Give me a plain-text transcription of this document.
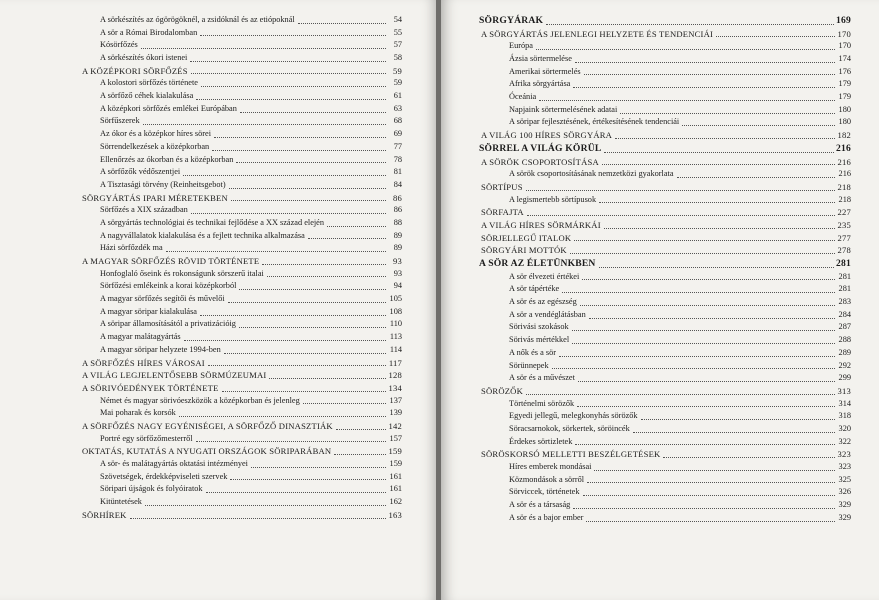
A sörkészítés az ógörögöknél, a zsidóknál és az etiópoknál	54
A sör a Római Birodalomban	55
Kósörfőzés	57
A sörkészítés ókori istenei	58
A KÖZÉPKORI SÖRFŐZÉS	59
A kolostori sörfőzés története	59
A sörfőző céhek kialakulása	61
A középkori sörfőzés emlékei Európában	63
Sörfűszerek	68
Az ókor és a középkor híres sörei	69
Sörrendelkezések a középkorban	77
Ellenőrzés az ókorban és a középkorban	78
A sörfőzők védőszentjei	81
A Tisztasági törvény (Reinheitsgebot)	84
SÖRGYÁRTÁS IPARI MÉRETEKBEN	86
Sörfőzés a XIX században	86
A sörgyártás technológiai és technikai fejlődése a XX század elején	88
A nagyvállalatok kialakulása és a fejlett technika alkalmazása	89
Házi sörfőzdék ma	89
A MAGYAR SÖRFŐZÉS RÖVID TÖRTÉNETE	93
Honfoglaló őseink és rokonságunk sörszerű italai	93
Sörfőzési emlékeink a korai középkorból	94
A magyar sörfőzés segítői és művelői	105
A magyar söripar kialakulása	108
A söripar államosításától a privatizációig	110
A magyar malátagyártás	113
A magyar söripar helyzete 1994-ben	114
A SÖRFŐZÉS HÍRES VÁROSAI	117
A VILÁG LEGJELENTŐSEBB SÖRMÚZEUMAI	128
A SÖRIVÓEDÉNYEK TÖRTÉNETE	134
Német és magyar sörivóeszközök a középkorban és jelenleg	137
Mai poharak és korsók	139
A SÖRFŐZÉS NAGY EGYÉNISÉGEI, A SÖRFŐZŐ DINASZTIÁK	142
Portré egy sörfőzőmesterről	157
OKTATÁS, KUTATÁS A NYUGATI ORSZÁGOK SÖRIPARÁBAN	159
A sör- és malátagyártás oktatási intézményei	159
Szövetségek, érdekképviseleti szervek	161
Söripari újságok és folyóiratok	161
Kitüntetések	162
SÖRHÍREK	163
SÖRGYÁRAK	169
A SÖRGYÁRTÁS JELENLEGI HELYZETE ÉS TENDENCIÁI	170
Európa	170
Ázsia sörtermelése	174
Amerikai sörtermelés	176
Afrika sörgyártása	179
Óceánia	179
Napjaink sörtermelésének adatai	180
A söripar fejlesztésének, értékesítésének tendenciái	180
A VILÁG 100 HÍRES SÖRGYÁRA	182
SÖRREL A VILÁG KÖRÜL	216
A SÖRÖK CSOPORTOSÍTÁSA	216
A sörök csoportosításának nemzetközi gyakorlata	216
SÖRTÍPUS	218
A legismertebb sörtípusok	218
SÖRFAJTA	227
A VILÁG HÍRES SÖRMÁRKÁI	235
SÖRJELLEGŰ ITALOK	277
SÖRGYÁRI MOTTÓK	278
A SÖR AZ ÉLETÜNKBEN	281
A sör élvezeti értékei	281
A sör tápértéke	281
A sör és az egészség	283
A sör a vendéglátásban	284
Sörivási szokások	287
Sörivás mértékkel	288
A nők és a sör	289
Sörünnepek	292
A sör és a művészet	299
SÖRÖZŐK	313
Történelmi sörözők	314
Egyedi jellegű, melegkonyhás sörözők	318
Söracsarnokok, sörkertek, söröincék	320
Érdekes sörtizletek	322
SÖRÖSKORSÓ MELLETTI BESZÉLGETÉSEK	323
Híres emberek mondásai	323
Közmondások a sörről	325
Sörviccek, történetek	326
A sör és a társaság	329
A sör és a bajor ember	329
